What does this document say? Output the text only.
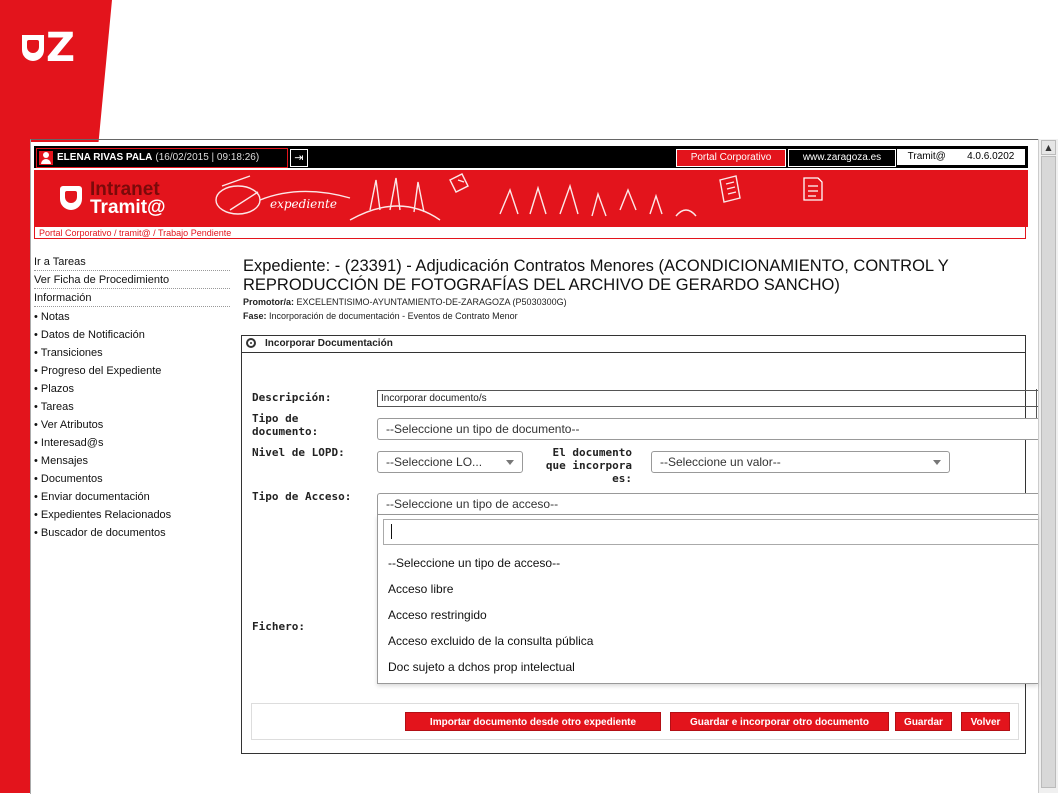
Z
▲
ELENA RIVAS PALA (16/02/2015 | 09:18:26)	⇥	Portal Corporativo	www.zaragoza.es	Tramit@ 4.0.6.0202
expediente
Intranet
Tramit@
Portal Corporativo / tramit@ / Trabajo Pendiente
Ir a Tareas
Ver Ficha de Procedimiento
Información
• Notas
• Datos de Notificación
• Transiciones
• Progreso del Expediente
• Plazos
• Tareas
• Ver Atributos
• Interesad@s
• Mensajes
• Documentos
• Enviar documentación
• Expedientes Relacionados
• Buscador de documentos
Expediente: - (23391) - Adjudicación Contratos Menores (ACONDICIONAMIENTO, CONTROL Y REPRODUCCIÓN DE FOTOGRAFÍAS DEL ARCHIVO DE GERARDO SANCHO)
Promotor/a: EXCELENTISIMO-AYUNTAMIENTO-DE-ZARAGOZA (P5030300G)
Fase: Incorporación de documentación - Eventos de Contrato Menor
Incorporar Documentación
Descripción:	Incorporar documento/s
Tipo de
documento:	--Seleccione un tipo de documento--
Nivel de LOPD:
--Seleccione LO...
El documento
que incorpora
es:
--Seleccione un valor--
Tipo de Acceso:
--Seleccione un tipo de acceso--
--Seleccione un tipo de acceso--
Acceso libre
Acceso restringido
Acceso excluido de la consulta pública
Doc sujeto a dchos prop intelectual
Fichero:
Importar documento desde otro expediente	Guardar e incorporar otro documento	Guardar	Volver
